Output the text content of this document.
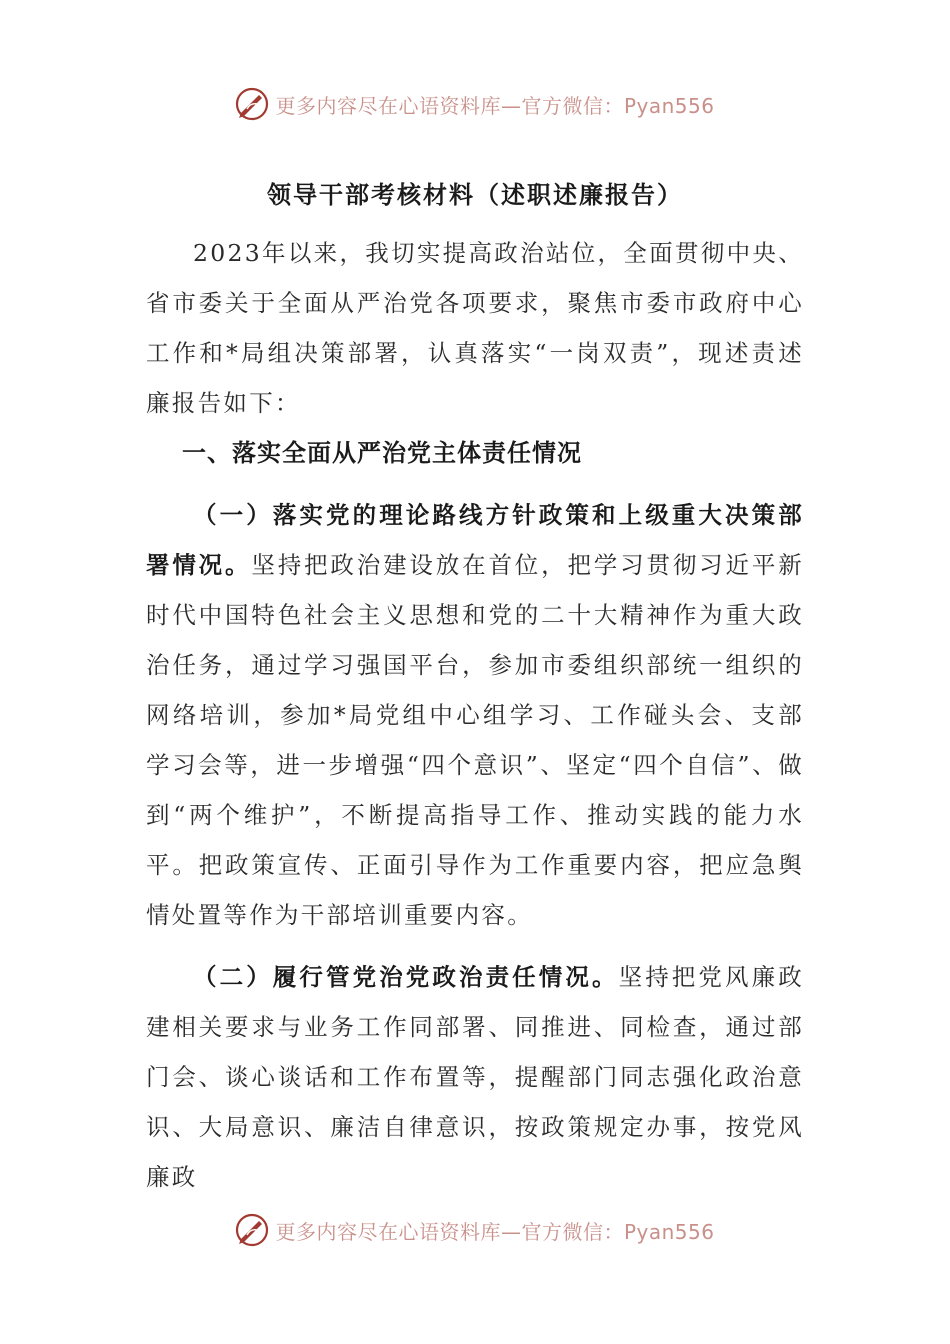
更多内容尽在心语资料库—官方微信：Pyan556
领导干部考核材料（述职述廉报告）

2023年以来，我切实提高政治站位，全面贯彻中央、省市委关于全面从严治党各项要求，聚焦市委市政府中心工作和*局组决策部署，认真落实“一岗双责”，现述责述廉报告如下：

一、落实全面从严治党主体责任情况

（一）落实党的理论路线方针政策和上级重大决策部署情况。坚持把政治建设放在首位，把学习贯彻习近平新时代中国特色社会主义思想和党的二十大精神作为重大政治任务，通过学习强国平台，参加市委组织部统一组织的网络培训，参加*局党组中心组学习、工作碰头会、支部学习会等，进一步增强“四个意识”、坚定“四个自信”、做到“两个维护”，不断提高指导工作、推动实践的能力水平。把政策宣传、正面引导作为工作重要内容，把应急舆情处置等作为干部培训重要内容。

（二）履行管党治党政治责任情况。坚持把党风廉政建相关要求与业务工作同部署、同推进、同检查，通过部门会、谈心谈话和工作布置等，提醒部门同志强化政治意识、大局意识、廉洁自律意识，按政策规定办事，按党风廉政

更多内容尽在心语资料库—官方微信：Pyan556
